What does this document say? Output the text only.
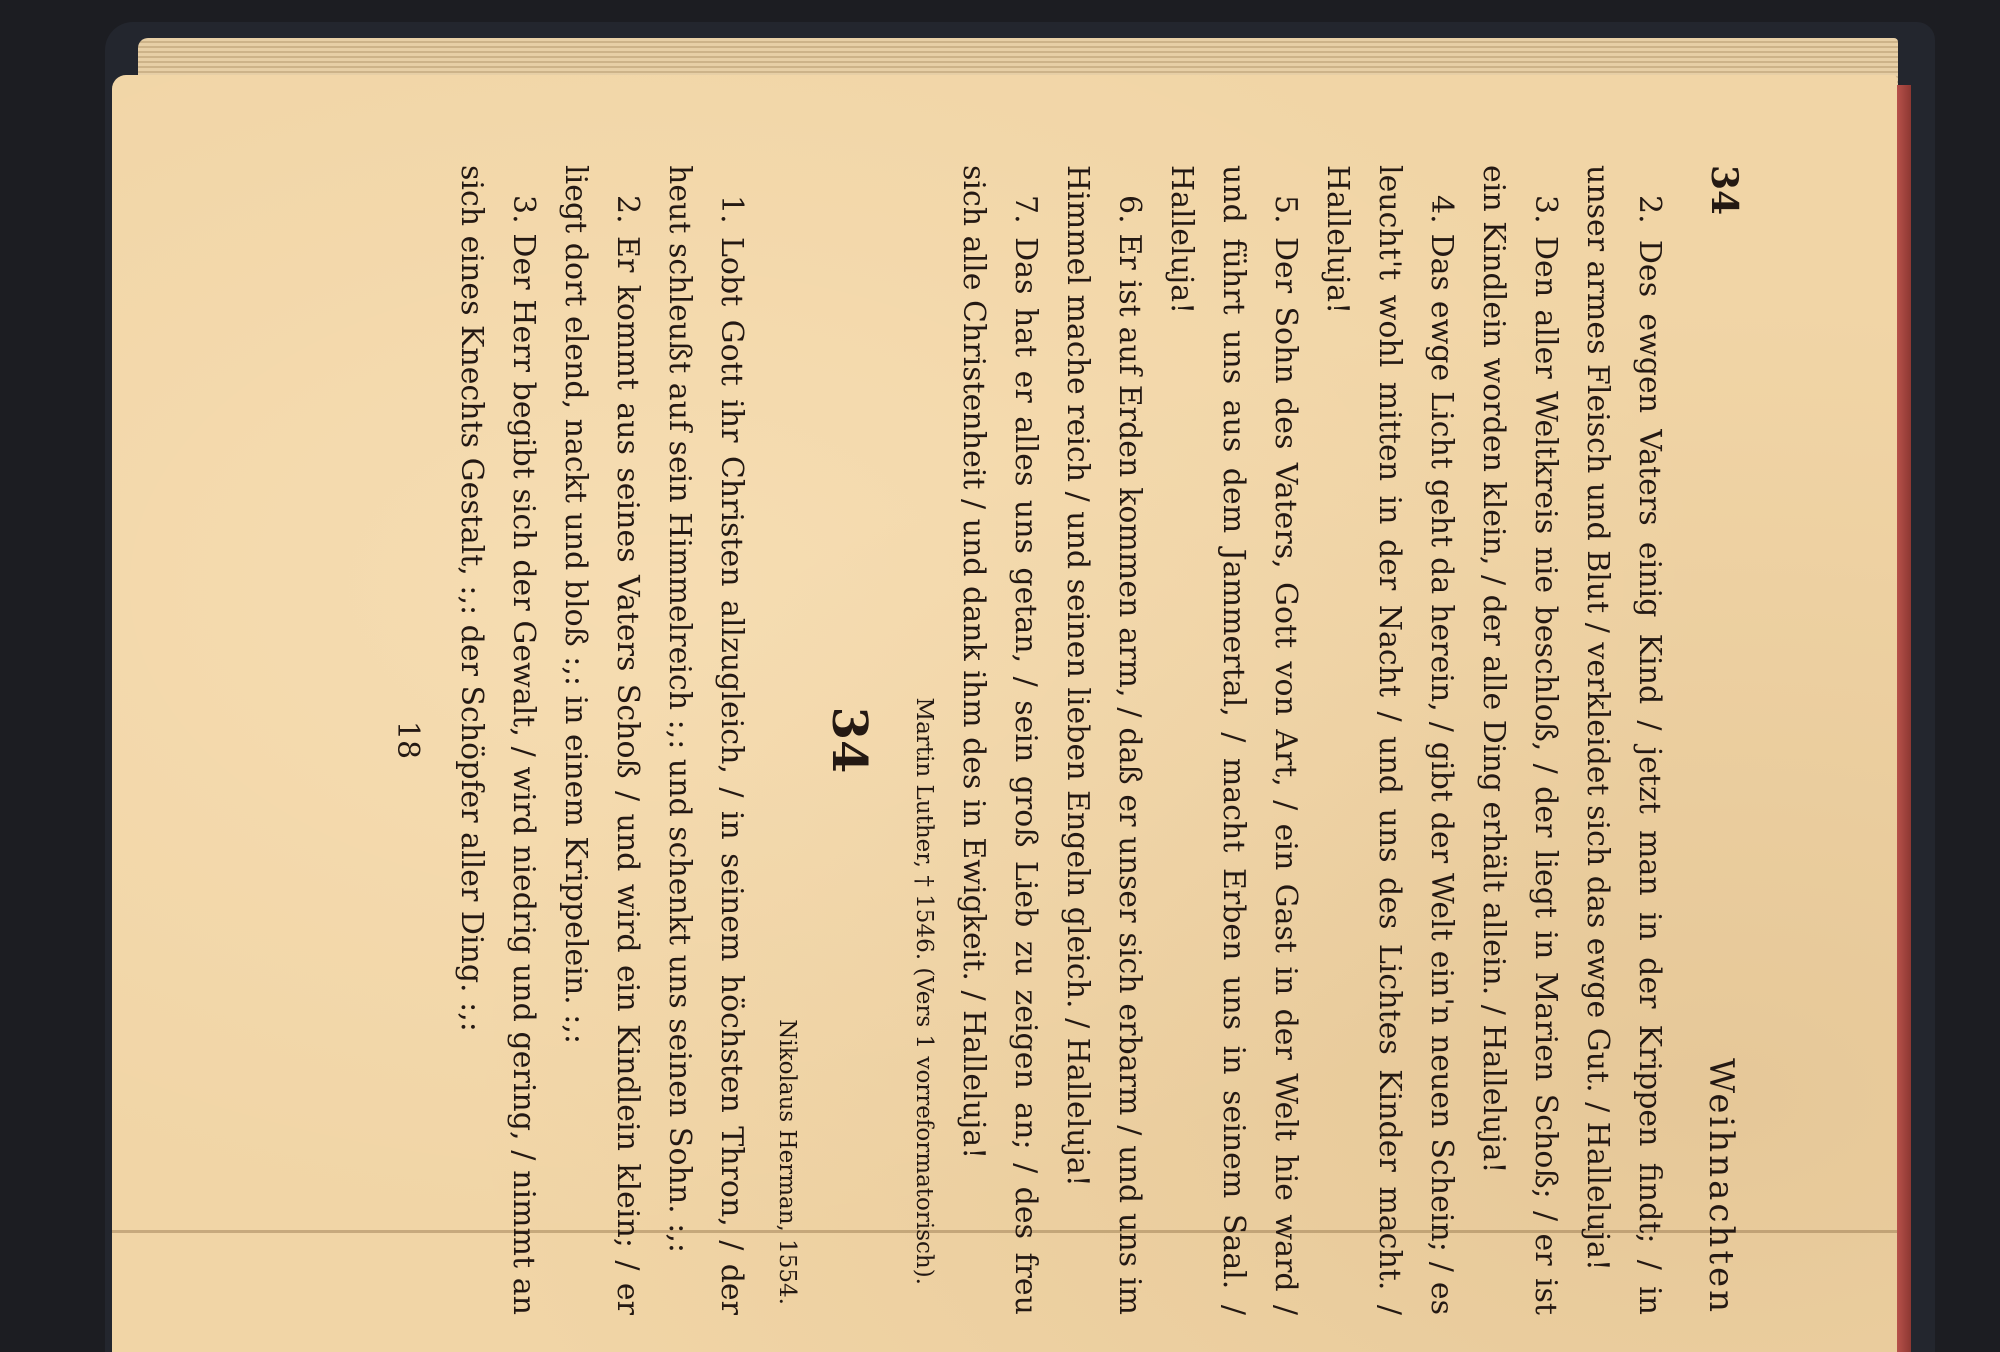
34
Weihnachten

2. Des ewgen Vaters einig Kind / jetzt man in der Krippen findt; / in unser armes Fleisch und Blut / verkleidet sich das ewge Gut. / Halleluja!

3. Den aller Weltkreis nie beschloß, / der liegt in Marien Schoß; / er ist ein Kindlein worden klein, / der alle Ding erhält allein. / Halleluja!

4. Das ewge Licht geht da herein, / gibt der Welt ein'n neuen Schein; / es leucht't wohl mitten in der Nacht / und uns des Lichtes Kinder macht. / Halleluja!

5. Der Sohn des Vaters, Gott von Art, / ein Gast in der Welt hie ward / und führt uns aus dem Jammertal, / macht Erben uns in seinem Saal. / Halleluja!

6. Er ist auf Erden kommen arm, / daß er unser sich erbarm / und uns im Himmel mache reich / und seinen lieben Engeln gleich. / Halleluja!

7. Das hat er alles uns getan, / sein groß Lieb zu zeigen an; / des freu sich alle Christenheit / und dank ihm des in Ewigkeit. / Halleluja!

Martin Luther, † 1546. (Vers 1 vorreformatorisch).

34

Nikolaus Herman, 1554.

1. Lobt Gott ihr Christen allzugleich, / in seinem höchsten Thron, / der heut schleußt auf sein Himmelreich :,: und schenkt uns seinen Sohn. :,:

2. Er kommt aus seines Vaters Schoß / und wird ein Kindlein klein; / er liegt dort elend, nackt und bloß :,: in einem Krippelein. :,:

3. Der Herr begibt sich der Gewalt, / wird niedrig und gering, / nimmt an sich eines Knechts Gestalt, :,: der Schöpfer aller Ding. :,:

18
